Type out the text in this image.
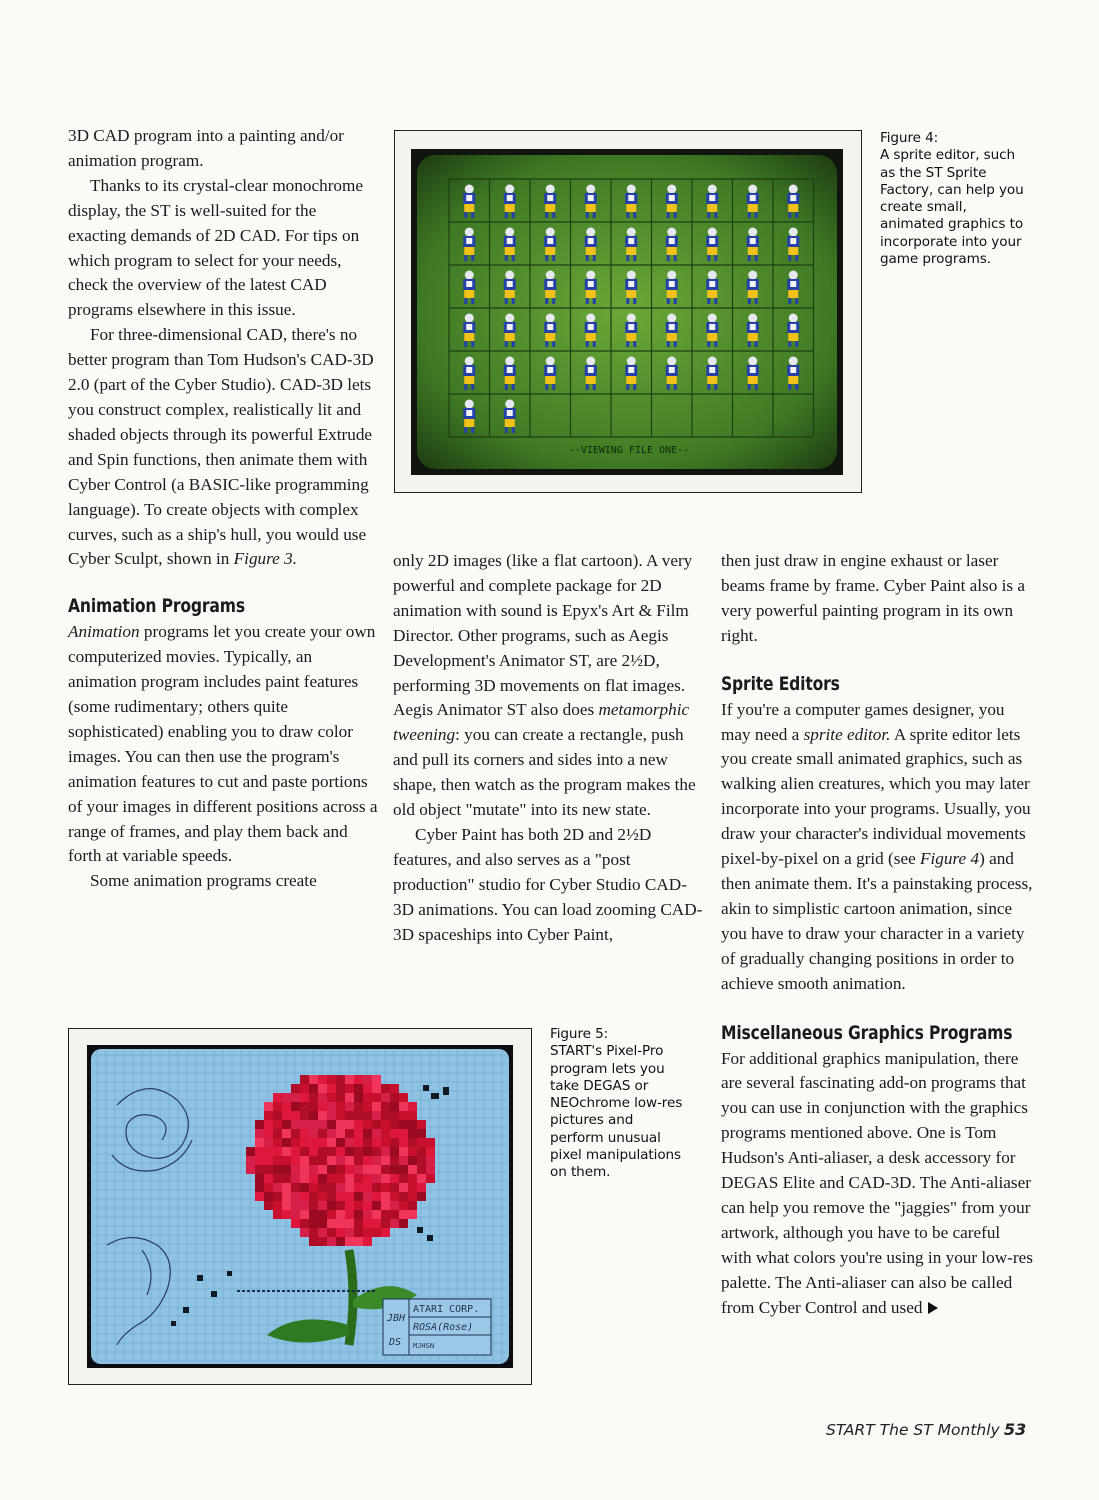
3D CAD program into a painting and/or animation program.

Thanks to its crystal-clear monochrome display, the ST is well-suited for the exacting demands of 2D CAD. For tips on which program to select for your needs, check the overview of the latest CAD programs elsewhere in this issue.

For three-dimensional CAD, there's no better program than Tom Hudson's CAD-3D 2.0 (part of the Cyber Studio). CAD-3D lets you construct complex, realistically lit and shaded objects through its powerful Extrude and Spin functions, then animate them with Cyber Control (a BASIC-like programming language). To create objects with complex curves, such as a ship's hull, you would use Cyber Sculpt, shown in Figure 3.

Animation Programs

Animation programs let you create your own computerized movies. Typically, an animation program includes paint features (some rudimentary; others quite sophisticated) enabling you to draw color images. You can then use the program's animation features to cut and paste portions of your images in different positions across a range of frames, and play them back and forth at variable speeds.

Some animation programs create

only 2D images (like a flat cartoon). A very powerful and complete package for 2D animation with sound is Epyx's Art & Film Director. Other programs, such as Aegis Development's Animator ST, are 2½D, performing 3D movements on flat images. Aegis Animator ST also does metamorphic tweening: you can create a rectangle, push and pull its corners and sides into a new shape, then watch as the program makes the old object "mutate" into its new state.

Cyber Paint has both 2D and 2½D features, and also serves as a "post production" studio for Cyber Studio CAD-3D animations. You can load zooming CAD-3D spaceships into Cyber Paint,

then just draw in engine exhaust or laser beams frame by frame. Cyber Paint also is a very powerful painting program in its own right.

Sprite Editors

If you're a computer games designer, you may need a sprite editor. A sprite editor lets you create small animated graphics, such as walking alien creatures, which you may later incorporate into your programs. Usually, you draw your character's individual movements pixel-by-pixel on a grid (see Figure 4) and then animate them. It's a painstaking process, akin to simplistic cartoon animation, since you have to draw your character in a variety of gradually changing positions in order to achieve smooth animation.

Miscellaneous Graphics Programs

For additional graphics manipulation, there are several fascinating add-on programs that you can use in conjunction with the graphics programs mentioned above. One is Tom Hudson's Anti-aliaser, a desk accessory for DEGAS Elite and CAD-3D. The Anti-aliaser can help you remove the "jaggies" from your artwork, although you have to be careful with what colors you're using in your low-res palette. The Anti-aliaser can also be called from Cyber Control and used

--VIEWING FILE ONE--

Figure 4:

A sprite editor, such as the ST Sprite Factory, can help you create small, animated graphics to incorporate into your game programs.

ATARI CORP.
ROSA(Rose)
MJHSN
JBH
DS

Figure 5:

START's Pixel-Pro program lets you take DEGAS or NEOchrome low-res pictures and perform unusual pixel manipulations on them.

START The ST Monthly 53
